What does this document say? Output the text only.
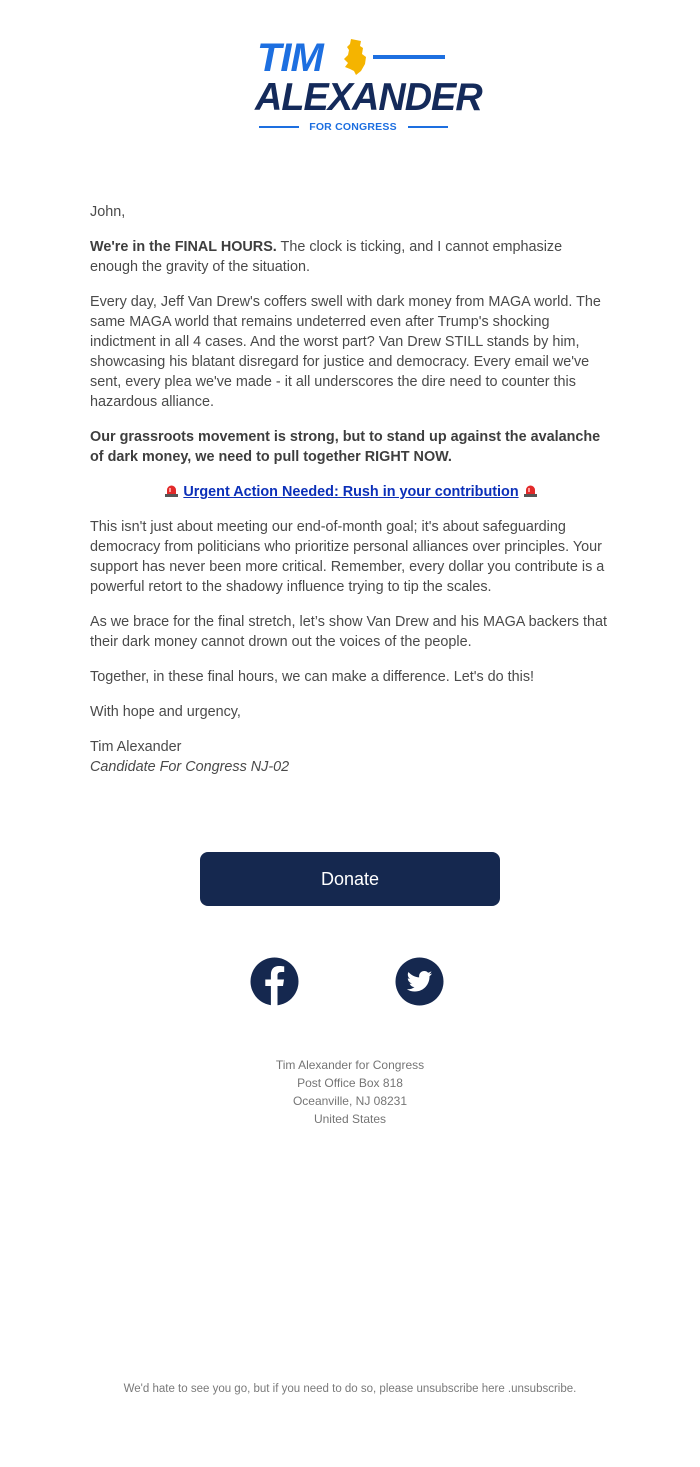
TIM
ALEXANDER
FOR CONGRESS

John,

We're in the FINAL HOURS. The clock is ticking, and I cannot emphasize enough the gravity of the situation.

Every day, Jeff Van Drew's coffers swell with dark money from MAGA world. The same MAGA world that remains undeterred even after Trump's shocking indictment in all 4 cases. And the worst part? Van Drew STILL stands by him, showcasing his blatant disregard for justice and democracy. Every email we've sent, every plea we've made - it all underscores the dire need to counter this hazardous alliance.

Our grassroots movement is strong, but to stand up against the avalanche of dark money, we need to pull together RIGHT NOW.

Urgent Action Needed: Rush in your contribution

This isn't just about meeting our end-of-month goal; it's about safeguarding democracy from politicians who prioritize personal alliances over principles. Your support has never been more critical. Remember, every dollar you contribute is a powerful retort to the shadowy influence trying to tip the scales.

As we brace for the final stretch, let’s show Van Drew and his MAGA backers that their dark money cannot drown out the voices of the people.

Together, in these final hours, we can make a difference. Let's do this!

With hope and urgency,

Tim Alexander
Candidate For Congress NJ-02

Donate
Tim Alexander for Congress
Post Office Box 818
Oceanville, NJ 08231
United States
We'd hate to see you go, but if you need to do so, please unsubscribe here .unsubscribe.
